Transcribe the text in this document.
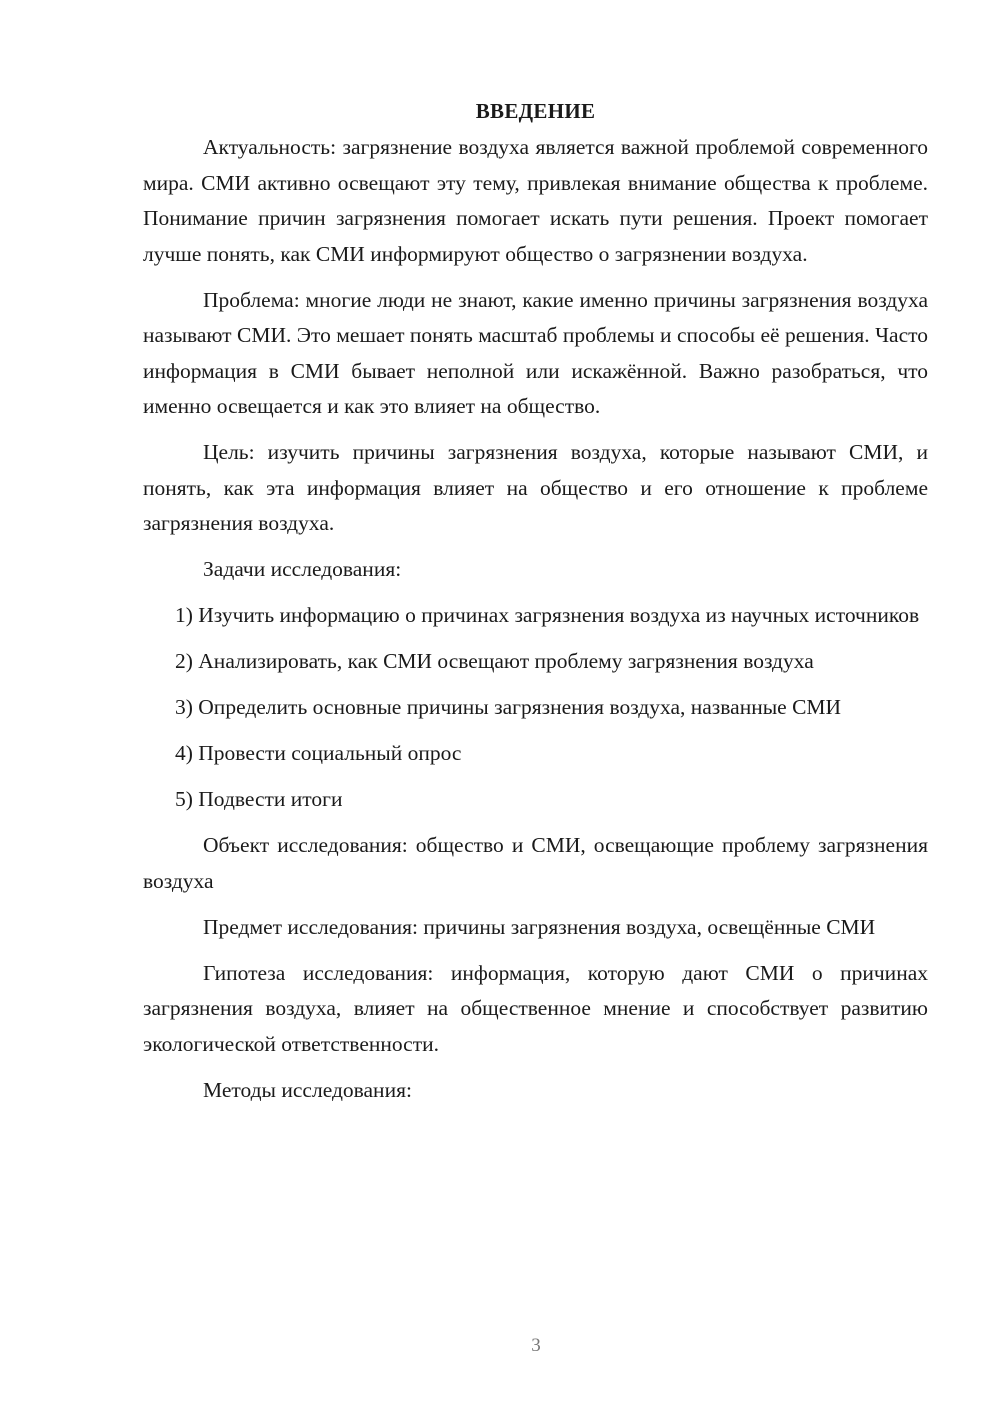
ВВЕДЕНИЕ

Актуальность: загрязнение воздуха является важной проблемой современного мира. СМИ активно освещают эту тему, привлекая внимание общества к проблеме. Понимание причин загрязнения помогает искать пути решения. Проект помогает лучше понять, как СМИ информируют общество о загрязнении воздуха.

Проблема: многие люди не знают, какие именно причины загрязнения воздуха называют СМИ. Это мешает понять масштаб проблемы и способы её решения. Часто информация в СМИ бывает неполной или искажённой. Важно разобраться, что именно освещается и как это влияет на общество.

Цель: изучить причины загрязнения воздуха, которые называют СМИ, и понять, как эта информация влияет на общество и его отношение к проблеме загрязнения воздуха.

Задачи исследования:

1) Изучить информацию о причинах загрязнения воздуха из научных источников

2) Анализировать, как СМИ освещают проблему загрязнения воздуха

3) Определить основные причины загрязнения воздуха, названные СМИ

4) Провести социальный опрос

5) Подвести итоги

Объект исследования: общество и СМИ, освещающие проблему загрязнения воздуха

Предмет исследования: причины загрязнения воздуха, освещённые СМИ

Гипотеза исследования: информация, которую дают СМИ о причинах загрязнения воздуха, влияет на общественное мнение и способствует развитию экологической ответственности.

Методы исследования:

3
